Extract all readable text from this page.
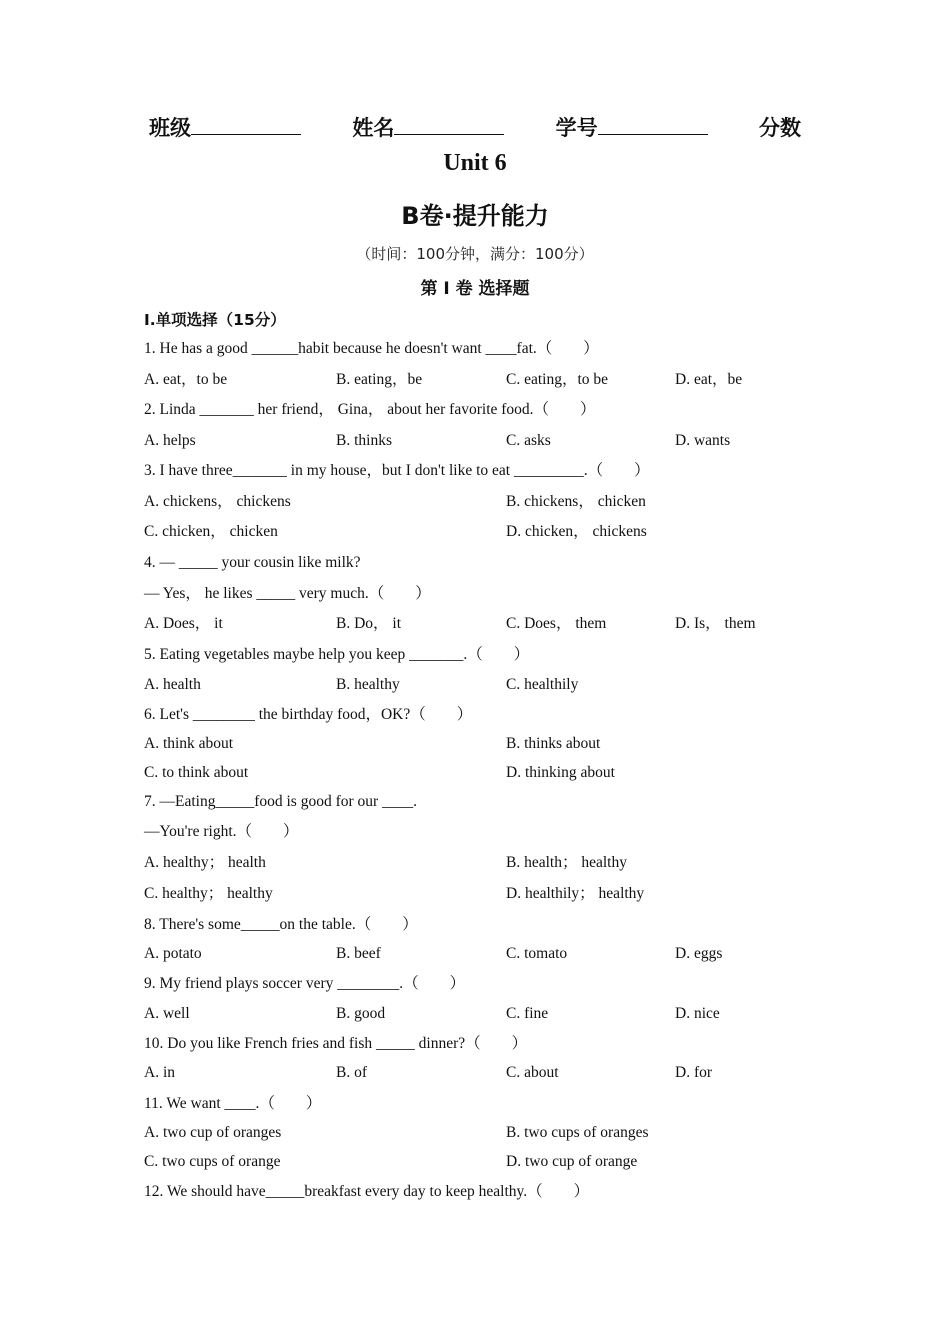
班级	姓名	学号	分数
Unit 6
B卷·提升能力
（时间：100分钟，满分：100分）
第 I 卷 选择题
I.单项选择（15分）
1. He has a good ______habit because he doesn't want ____fat.（　　）
A. eat，to be	B. eating，be	C. eating，to be	D. eat，be
2. Linda _______ her friend， Gina， about her favorite food.（　　）
A. helps	B. thinks	C. asks	D. wants
3. I have three_______ in my house，but I don't like to eat _________.（　　）
A. chickens， chickens	B. chickens， chicken
C. chicken， chicken	D. chicken， chickens
4. — _____ your cousin like milk?
— Yes， he likes _____ very much.（　　）
A. Does， it	B. Do， it	C. Does， them	D. Is， them
5. Eating vegetables maybe help you keep _______.（　　）
A. health	B. healthy	C. healthily
6. Let's ________ the birthday food，OK?（　　）
A. think about	B. thinks about
C. to think about	D. thinking about
7. —Eating_____food is good for our ____.
—You're right.（　　）
A. healthy； health	B. health； healthy
C. healthy； healthy	D. healthily； healthy
8. There's some_____on the table.（　　）
A. potato	B. beef	C. tomato	D. eggs
9. My friend plays soccer very ________.（　　）
A. well	B. good	C. fine	D. nice
10. Do you like French fries and fish _____ dinner?（　　）
A. in	B. of	C. about	D. for
11. We want ____.（　　）
A. two cup of oranges	B. two cups of oranges
C. two cups of orange	D. two cup of orange
12. We should have_____breakfast every day to keep healthy.（　　）
